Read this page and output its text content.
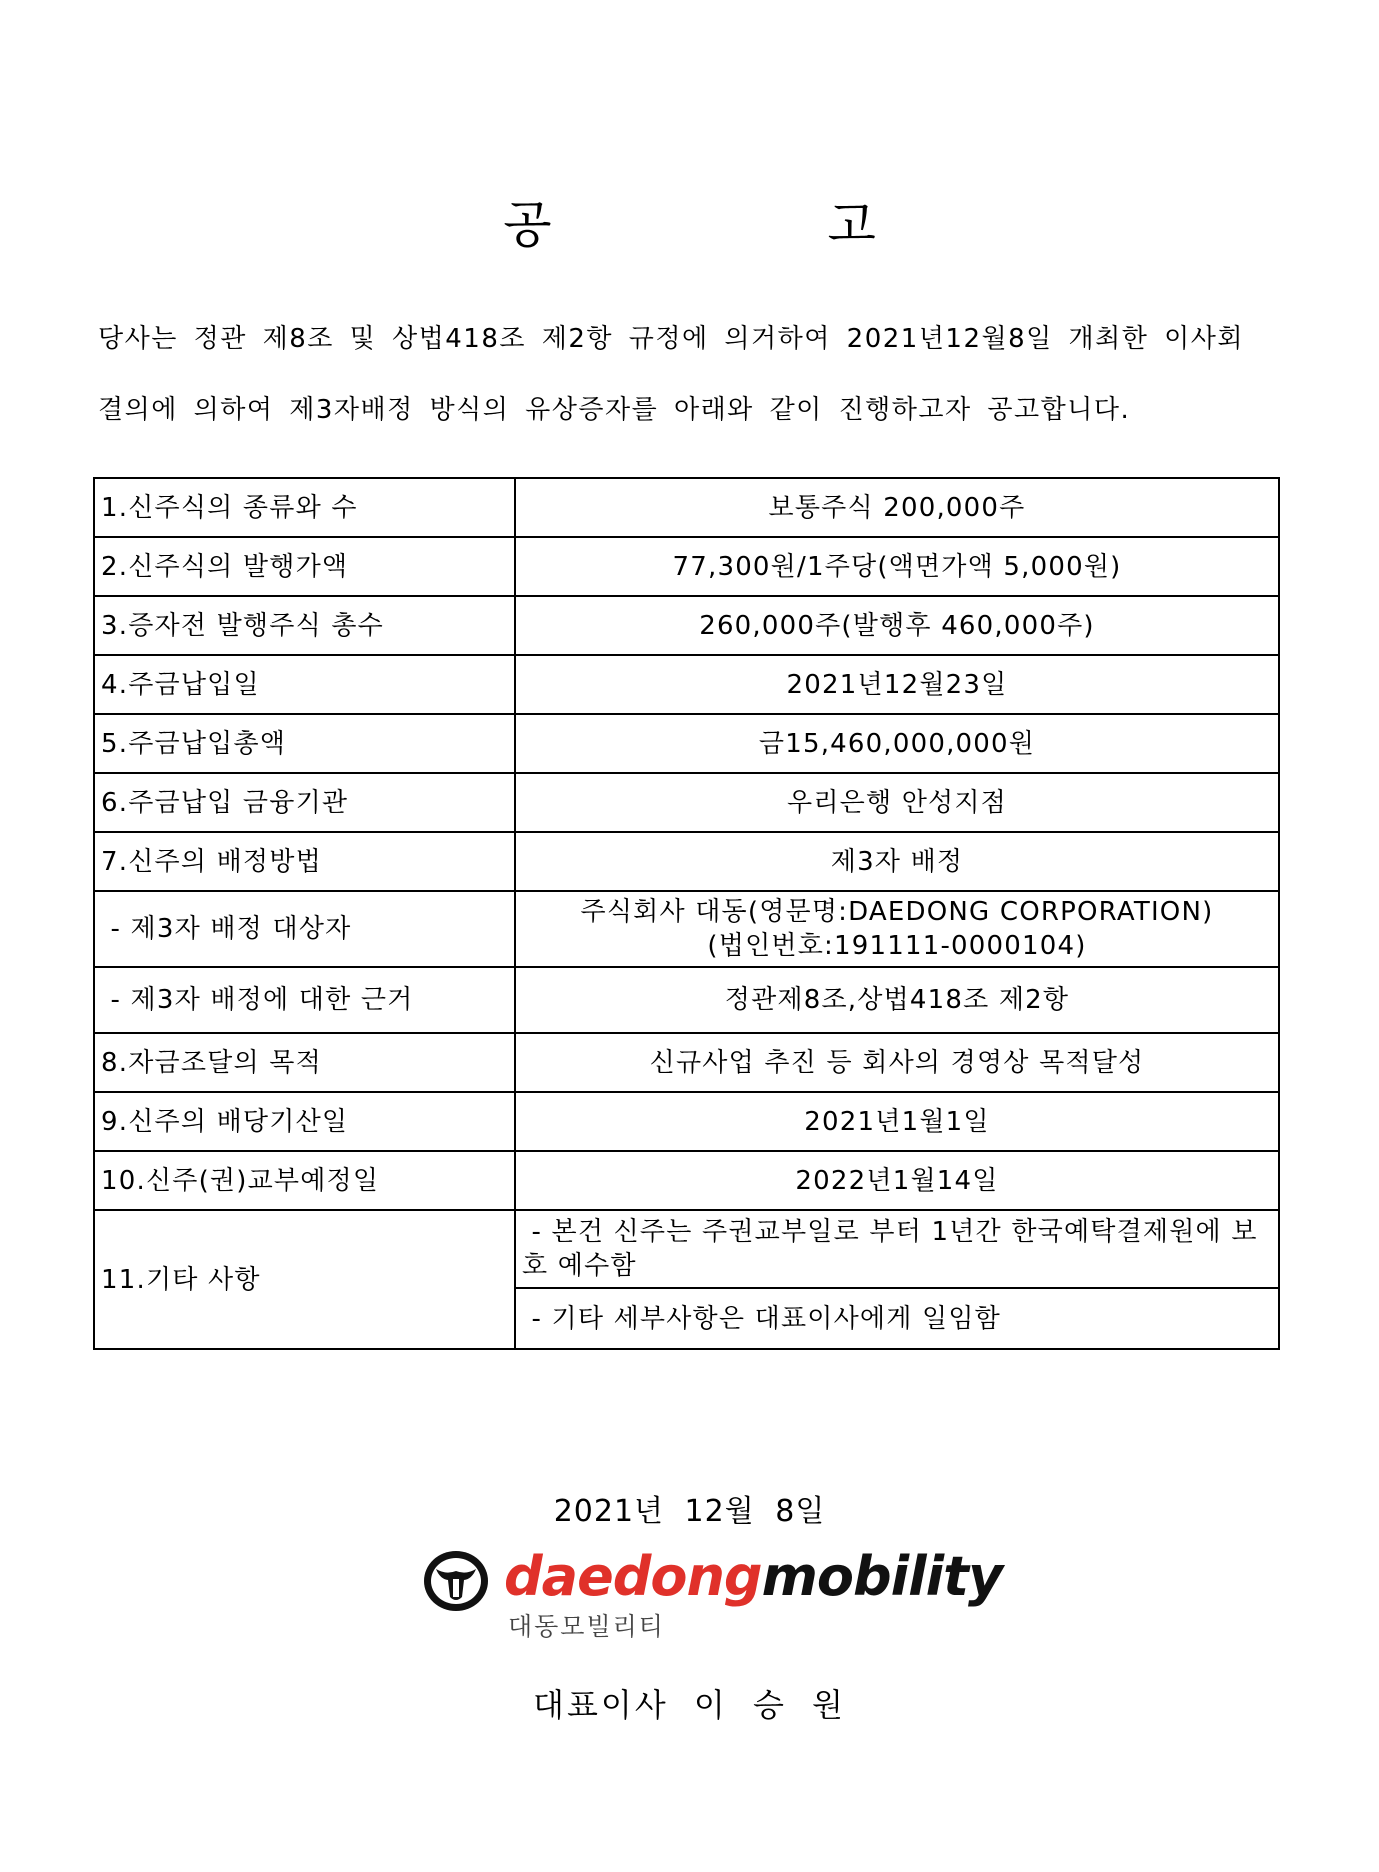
공 고
당사는 정관 제8조 및 상법418조 제2항 규정에 의거하여 2021년12월8일 개최한 이사회
결의에 의하여 제3자배정 방식의 유상증자를 아래와 같이 진행하고자 공고합니다.
1.신주식의 종류와 수	보통주식 200,000주
2.신주식의 발행가액	77,300원/1주당(액면가액 5,000원)
3.증자전 발행주식 총수	260,000주(발행후 460,000주)
4.주금납입일	2021년12월23일
5.주금납입총액	금15,460,000,000원
6.주금납입 금융기관	우리은행 안성지점
7.신주의 배정방법	제3자 배정
- 제3자 배정 대상자	주식회사 대동(영문명:DAEDONG CORPORATION)
(법인번호:191111-0000104)

- 제3자 배정에 대한 근거	정관제8조,상법418조 제2항
8.자금조달의 목적	신규사업 추진 등 회사의 경영상 목적달성
9.신주의 배당기산일	2021년1월1일
10.신주(권)교부예정일	2022년1월14일
11.기타 사항	- 본건 신주는 주권교부일로 부터 1년간 한국예탁결제원에 보호 예수함
	- 기타 세부사항은 대표이사에게 일임함
2021년 12월 8일
daedongmobility
대동모빌리티
대표이사 이 승 원
